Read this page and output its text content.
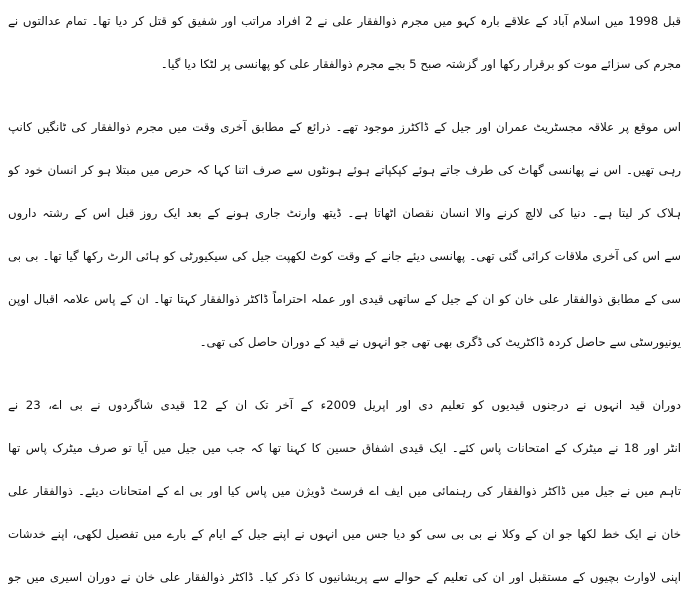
قبل 1998 میں اسلام آباد کے علاقے بارہ کہو میں مجرم ذوالفقار علی نے 2 افراد مراتب اور شفیق کو قتل کر دیا تھا۔ تمام عدالتوں نے
مجرم کی سزائے موت کو برقرار رکھا اور گزشتہ صبح 5 بجے مجرم ذوالفقار علی کو پھانسی پر لٹکا دیا گیا۔
اس موقع پر علاقہ مجسٹریٹ عمران اور جیل کے ڈاکٹرز موجود تھے۔ ذرائع کے مطابق آخری وقت میں مجرم ذوالفقار کی ٹانگیں کانپ
رہی تھیں۔ اس نے پھانسی گھاٹ کی طرف جاتے ہوئے کپکپاتے ہوئے ہونٹوں سے صرف اتنا کہا کہ حرص میں مبتلا ہو کر انسان خود کو
ہلاک کر لیتا ہے۔ دنیا کی لالچ کرنے والا انسان نقصان اٹھاتا ہے۔ ڈیتھ وارنٹ جاری ہونے کے بعد ایک روز قبل اس کے رشتہ داروں
سے اس کی آخری ملاقات کرائی گئی تھی۔ پھانسی دیئے جانے کے وقت کوٹ لکھپت جیل کی سیکیورٹی کو ہائی الرٹ رکھا گیا تھا۔ بی بی
سی کے مطابق ذوالفقار علی خان کو ان کے جیل کے ساتھی قیدی اور عملہ احتراماً ڈاکٹر ذوالفقار کہتا تھا۔ ان کے پاس علامہ اقبال اوپن
یونیورسٹی سے حاصل کردہ ڈاکٹریٹ کی ڈگری بھی تھی جو انہوں نے قید کے دوران حاصل کی تھی۔
دوران قید انہوں نے درجنوں قیدیوں کو تعلیم دی اور اپریل 2009ء کے آخر تک ان کے 12 قیدی شاگردوں نے بی اے، 23 نے
انٹر اور 18 نے میٹرک کے امتحانات پاس کئے۔ ایک قیدی اشفاق حسین کا کہنا تھا کہ جب میں جیل میں آیا تو صرف میٹرک پاس تھا
تاہم میں نے جیل میں ڈاکٹر ذوالفقار کی رہنمائی میں ایف اے فرسٹ ڈویژن میں پاس کیا اور بی اے کے امتحانات دیئے۔ ذوالفقار علی
خان نے ایک خط لکھا جو ان کے وکلا نے بی بی سی کو دیا جس میں انہوں نے اپنے جیل کے ایام کے بارے میں تفصیل لکھی، اپنے خدشات
اپنی لاوارث بچیوں کے مستقبل اور ان کی تعلیم کے حوالے سے پریشانیوں کا ذکر کیا۔ ڈاکٹر ذوالفقار علی خان نے دوران اسیری میں جو
